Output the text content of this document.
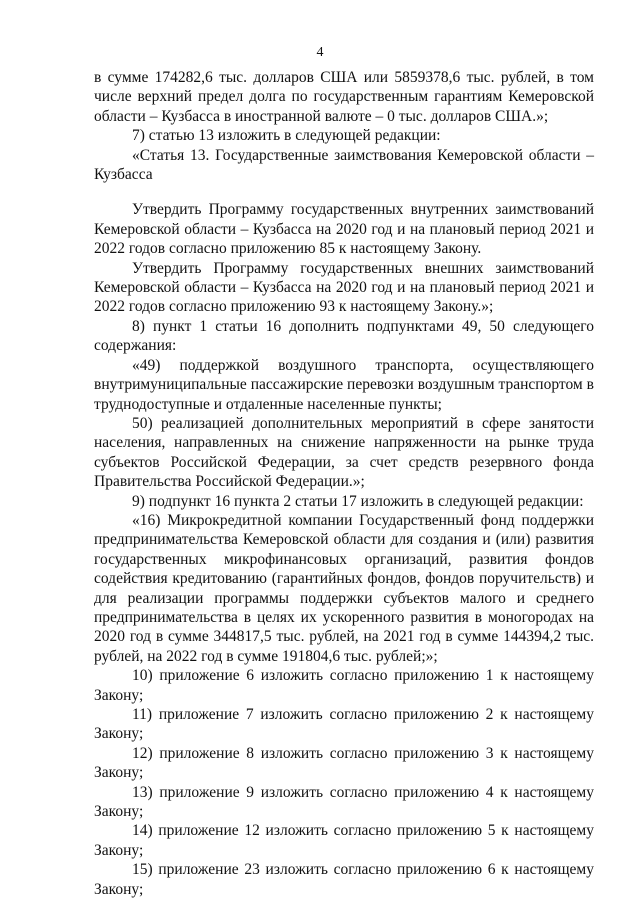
4

в сумме 174282,6 тыс. долларов США или 5859378,6 тыс. рублей, в том числе верхний предел долга по государственным гарантиям Кемеровской области – Кузбасса в иностранной валюте – 0 тыс. долларов США.»;

7) статью 13 изложить в следующей редакции:

«Статья 13. Государственные заимствования Кемеровской области – Кузбасса

Утвердить Программу государственных внутренних заимствований Кемеровской области – Кузбасса на 2020 год и на плановый период 2021 и 2022 годов согласно приложению 85 к настоящему Закону.

Утвердить Программу государственных внешних заимствований Кемеровской области – Кузбасса на 2020 год и на плановый период 2021 и 2022 годов согласно приложению 93 к настоящему Закону.»;

8) пункт 1 статьи 16 дополнить подпунктами 49, 50 следующего содержания:

«49) поддержкой воздушного транспорта, осуществляющего внутримуниципальные пассажирские перевозки воздушным транспортом в труднодоступные и отдаленные населенные пункты;

50) реализацией дополнительных мероприятий в сфере занятости населения, направленных на снижение напряженности на рынке труда субъектов Российской Федерации, за счет средств резервного фонда Правительства Российской Федерации.»;

9) подпункт 16 пункта 2 статьи 17 изложить в следующей редакции:

«16) Микрокредитной компании Государственный фонд поддержки предпринимательства Кемеровской области для создания и (или) развития государственных микрофинансовых организаций, развития фондов содействия кредитованию (гарантийных фондов, фондов поручительств) и для реализации программы поддержки субъектов малого и среднего предпринимательства в целях их ускоренного развития в моногородах на 2020 год в сумме 344817,5 тыс. рублей, на 2021 год в сумме 144394,2 тыс. рублей, на 2022 год в сумме 191804,6 тыс. рублей;»;

10) приложение 6 изложить согласно приложению 1 к настоящему Закону;

11) приложение 7 изложить согласно приложению 2 к настоящему Закону;

12) приложение 8 изложить согласно приложению 3 к настоящему Закону;

13) приложение 9 изложить согласно приложению 4 к настоящему Закону;

14) приложение 12 изложить согласно приложению 5 к настоящему Закону;

15) приложение 23 изложить согласно приложению 6 к настоящему Закону;
